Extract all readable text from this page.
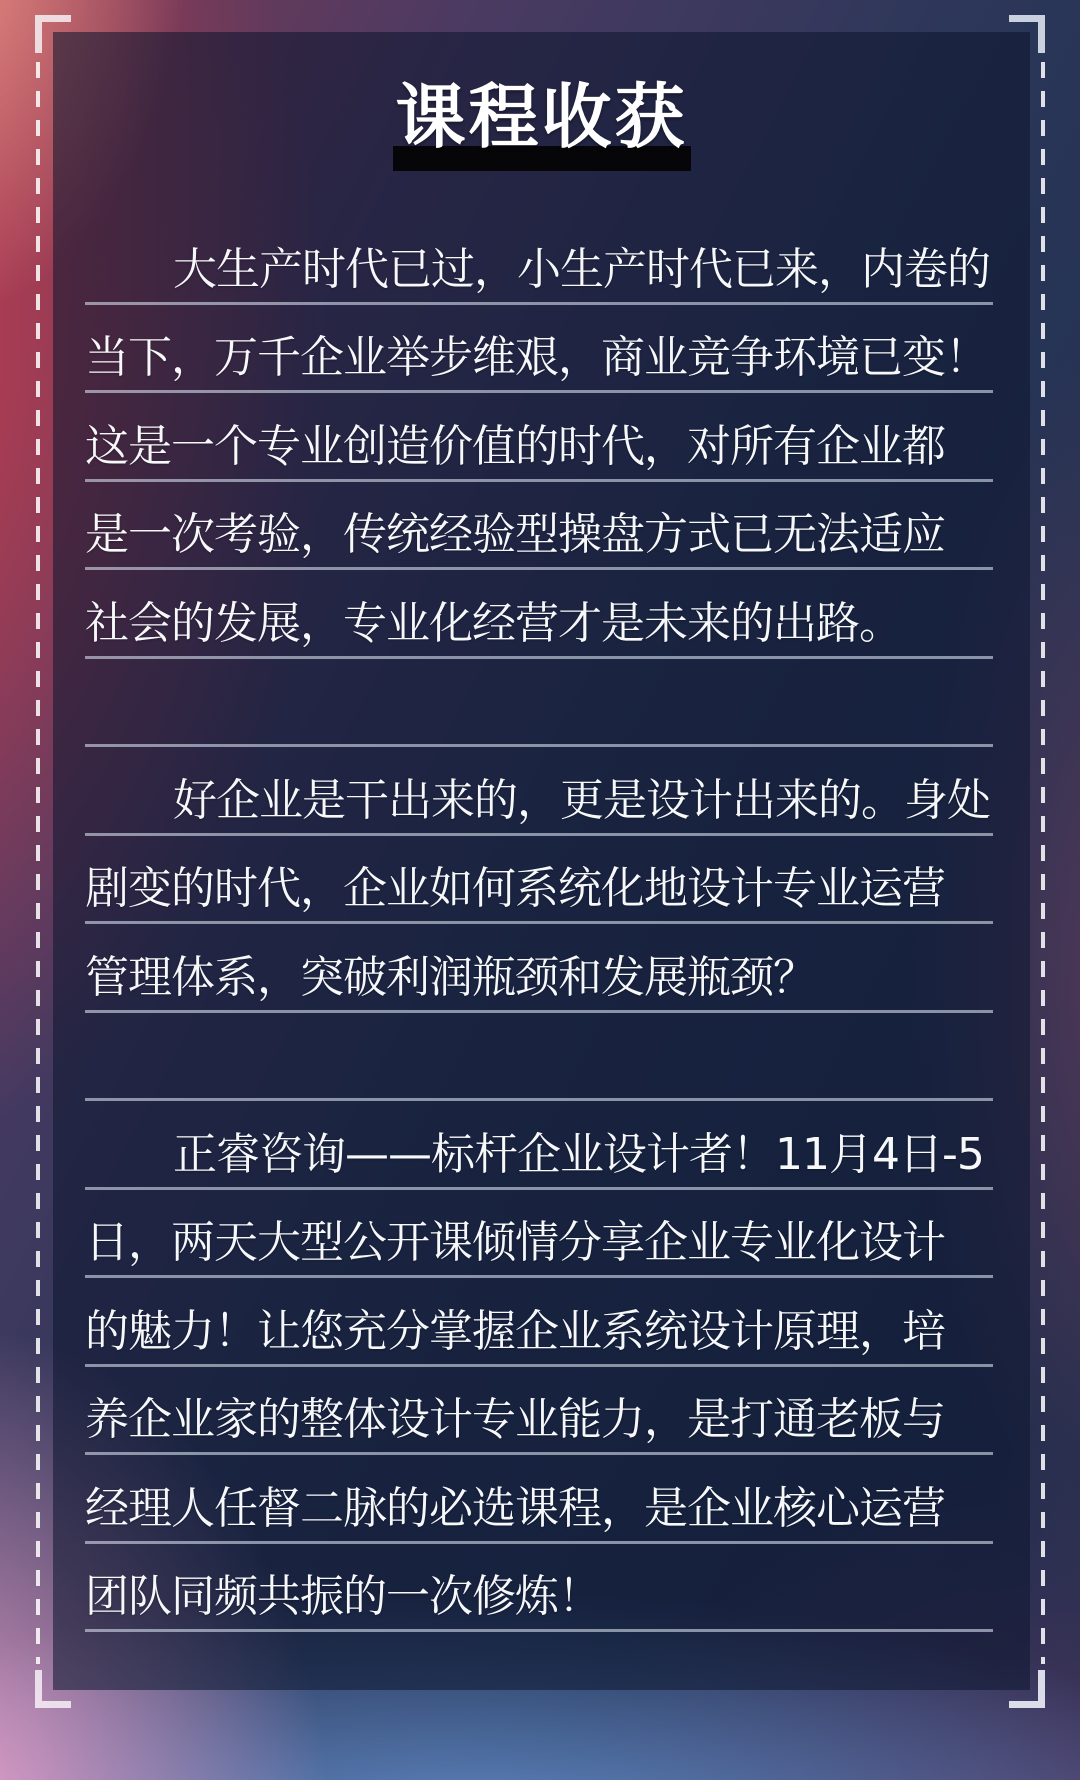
课程收获
大生产时代已过，小生产时代已来，内卷的
当下，万千企业举步维艰，商业竞争环境已变！
这是一个专业创造价值的时代，对所有企业都
是一次考验，传统经验型操盘方式已无法适应
社会的发展，专业化经营才是未来的出路。
好企业是干出来的，更是设计出来的。身处
剧变的时代，企业如何系统化地设计专业运营
管理体系，突破利润瓶颈和发展瓶颈？
正睿咨询——标杆企业设计者！11月4日-5
日，两天大型公开课倾情分享企业专业化设计
的魅力！让您充分掌握企业系统设计原理，培
养企业家的整体设计专业能力，是打通老板与
经理人任督二脉的必选课程，是企业核心运营
团队同频共振的一次修炼！
